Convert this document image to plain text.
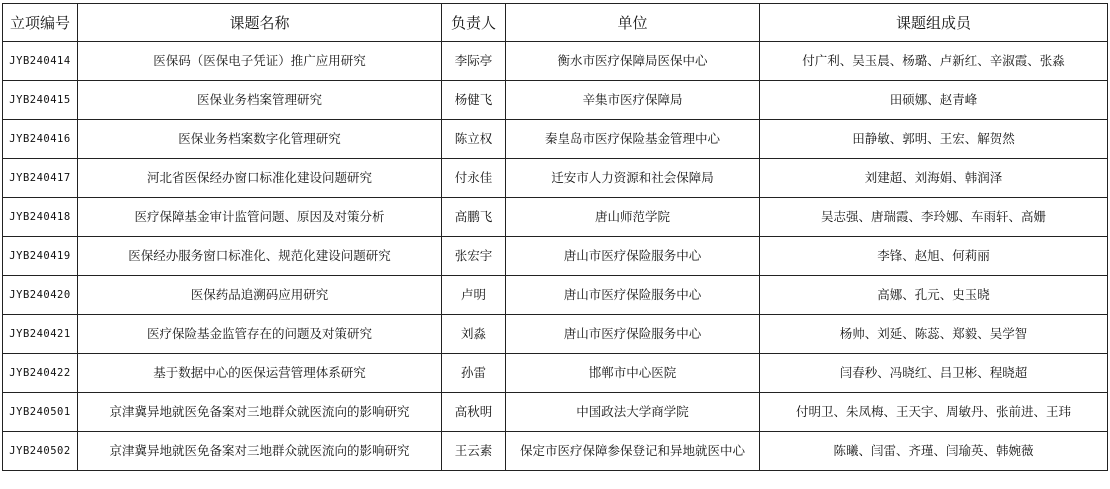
立项编号	课题名称	负责人	单位	课题组成员
JYB240414	医保码（医保电子凭证）推广应用研究	李际亭	衡水市医疗保障局医保中心	付广利、吴玉晨、杨璐、卢新红、辛淑霞、张淼
JYB240415	医保业务档案管理研究	杨健飞	辛集市医疗保障局	田硕娜、赵青峰
JYB240416	医保业务档案数字化管理研究	陈立权	秦皇岛市医疗保险基金管理中心	田静敏、郭明、王宏、解贺然
JYB240417	河北省医保经办窗口标准化建设问题研究	付永佳	迁安市人力资源和社会保障局	刘建超、刘海娟、韩润泽
JYB240418	医疗保障基金审计监管问题、原因及对策分析	高鹏飞	唐山师范学院	吴志强、唐瑞霞、李玲娜、车雨轩、高姗
JYB240419	医保经办服务窗口标准化、规范化建设问题研究	张宏宇	唐山市医疗保险服务中心	李锋、赵旭、何莉丽
JYB240420	医保药品追溯码应用研究	卢明	唐山市医疗保险服务中心	高娜、孔元、史玉晓
JYB240421	医疗保险基金监管存在的问题及对策研究	刘淼	唐山市医疗保险服务中心	杨帅、刘延、陈蕊、郑毅、吴学智
JYB240422	基于数据中心的医保运营管理体系研究	孙雷	邯郸市中心医院	闫春秒、冯晓红、吕卫彬、程晓超
JYB240501	京津冀异地就医免备案对三地群众就医流向的影响研究	高秋明	中国政法大学商学院	付明卫、朱凤梅、王天宇、周敏丹、张前进、王玮
JYB240502	京津冀异地就医免备案对三地群众就医流向的影响研究	王云素	保定市医疗保障参保登记和异地就医中心	陈曦、闫雷、齐瑾、闫瑜英、韩婉薇
